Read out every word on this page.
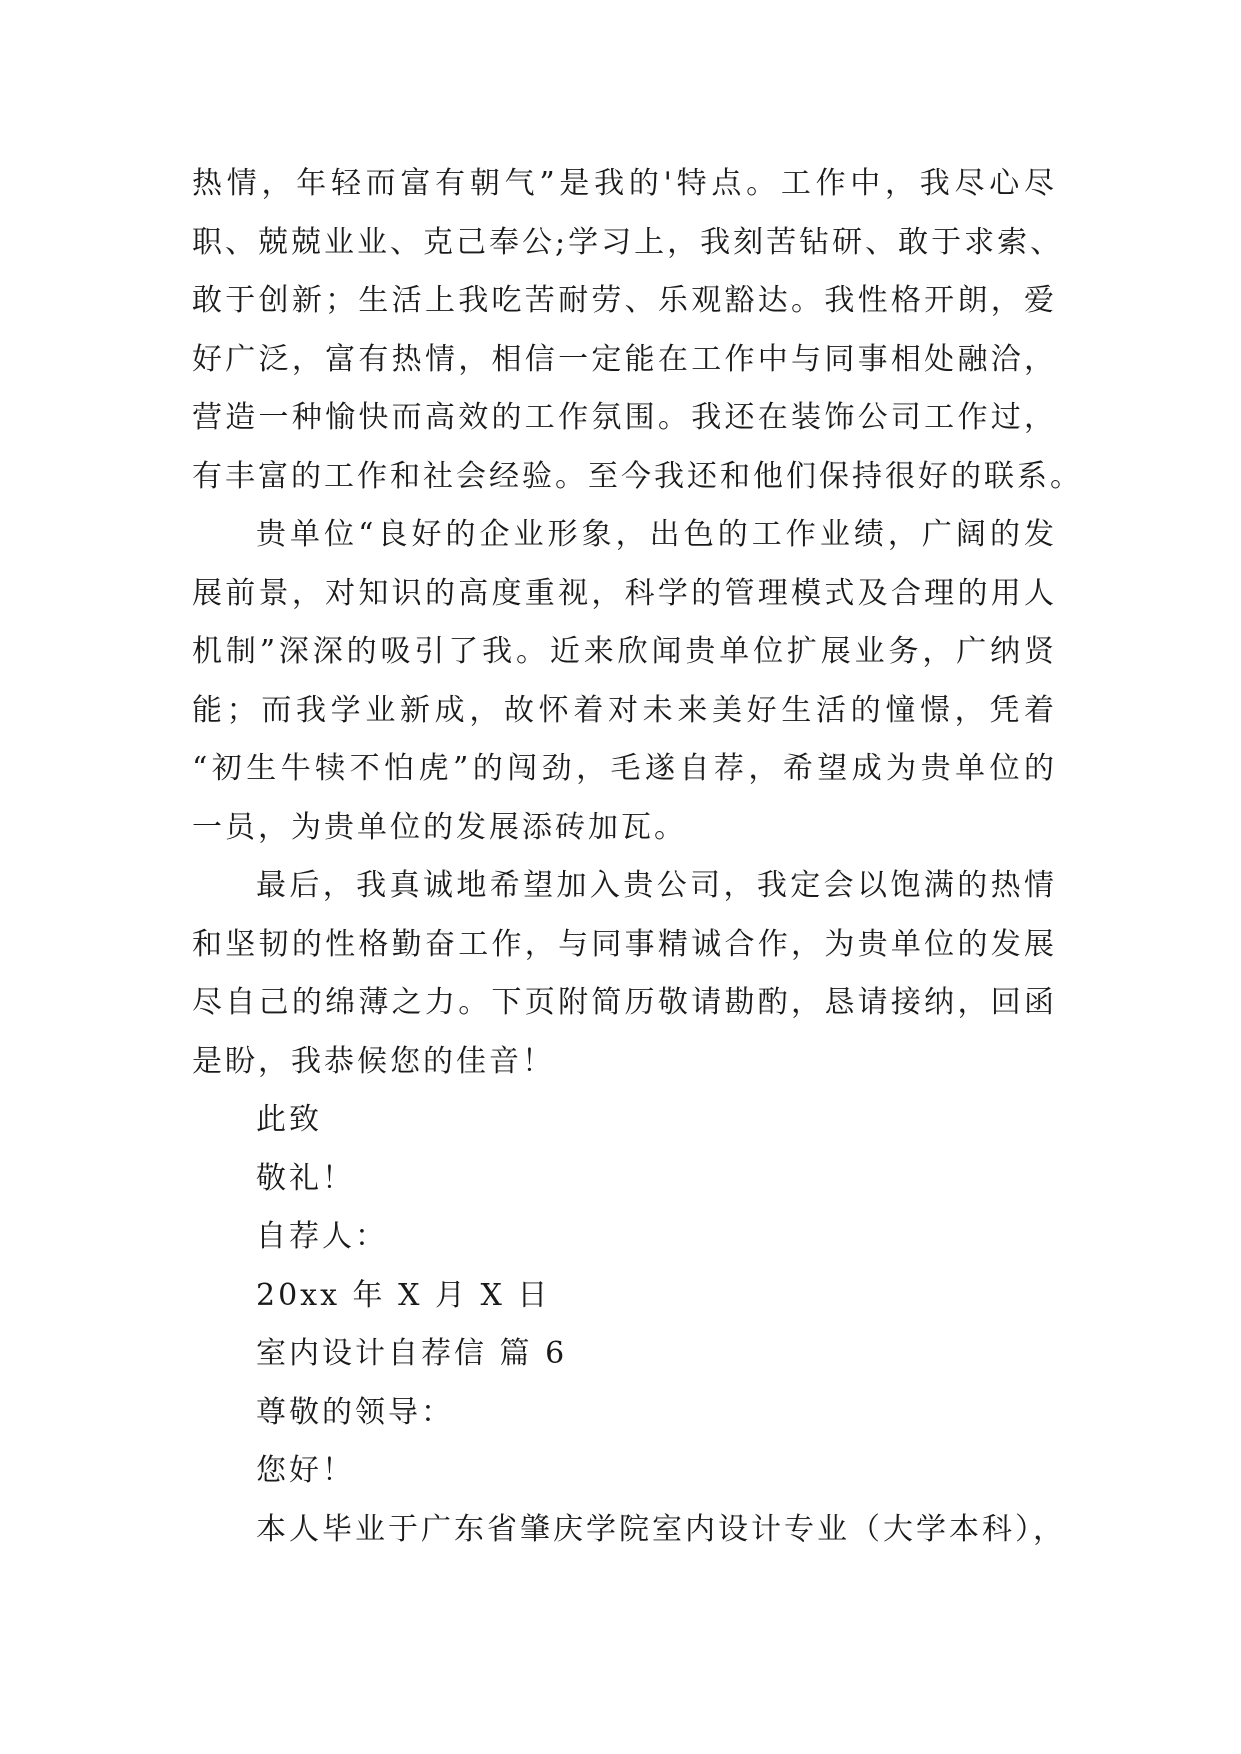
热情，年轻而富有朝气”是我的'特点。工作中，我尽心尽
职、兢兢业业、克己奉公;学习上，我刻苦钻研、敢于求索、
敢于创新；生活上我吃苦耐劳、乐观豁达。我性格开朗，爱
好广泛，富有热情，相信一定能在工作中与同事相处融洽，
营造一种愉快而高效的工作氛围。我还在装饰公司工作过，
有丰富的工作和社会经验。至今我还和他们保持很好的联系。
贵单位“良好的企业形象，出色的工作业绩，广阔的发
展前景，对知识的高度重视，科学的管理模式及合理的用人
机制”深深的吸引了我。近来欣闻贵单位扩展业务，广纳贤
能；而我学业新成，故怀着对未来美好生活的憧憬，凭着
“初生牛犊不怕虎”的闯劲，毛遂自荐，希望成为贵单位的
一员，为贵单位的发展添砖加瓦。
最后，我真诚地希望加入贵公司，我定会以饱满的热情
和坚韧的性格勤奋工作，与同事精诚合作，为贵单位的发展
尽自己的绵薄之力。下页附简历敬请勘酌，恳请接纳，回函
是盼，我恭候您的佳音！
此致
敬礼！
自荐人：
20xx 年 X 月 X 日
室内设计自荐信 篇 6
尊敬的领导：
您好！
本人毕业于广东省肇庆学院室内设计专业（大学本科），
